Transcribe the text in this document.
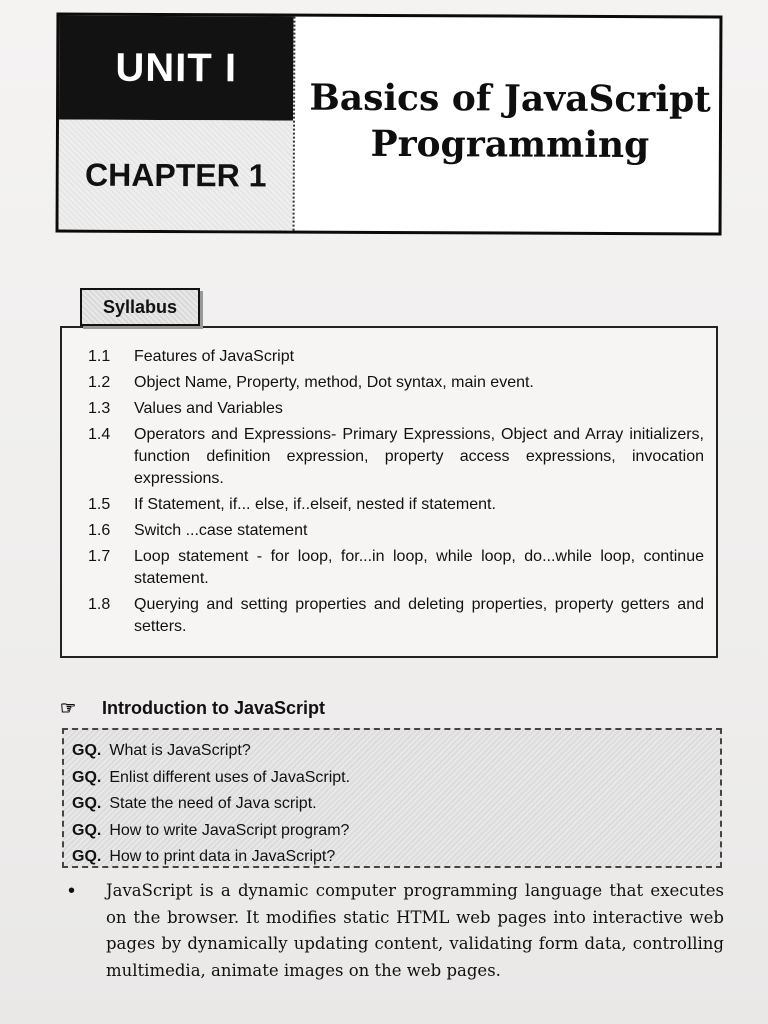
UNIT I
CHAPTER 1
Basics of JavaScript
Programming
Syllabus
1.1	Features of JavaScript
1.2	Object Name, Property, method, Dot syntax, main event.
1.3	Values and Variables
1.4	Operators and Expressions- Primary Expressions, Object and Array initializers, function definition expression, property access expressions, invocation expressions.
1.5	If Statement, if... else, if..elseif, nested if statement.
1.6	Switch ...case statement
1.7	Loop statement - for loop, for...in loop, while loop, do...while loop, continue statement.
1.8	Querying and setting properties and deleting properties, property getters and setters.
☞	Introduction to JavaScript
GQ. What is JavaScript?
GQ. Enlist different uses of JavaScript.
GQ. State the need of Java script.
GQ. How to write JavaScript program?
GQ. How to print data in JavaScript?
•	JavaScript is a dynamic computer programming language that executes on the browser. It modifies static HTML web pages into interactive web pages by dynamically updating content, validating form data, controlling multimedia, animate images on the web pages.
